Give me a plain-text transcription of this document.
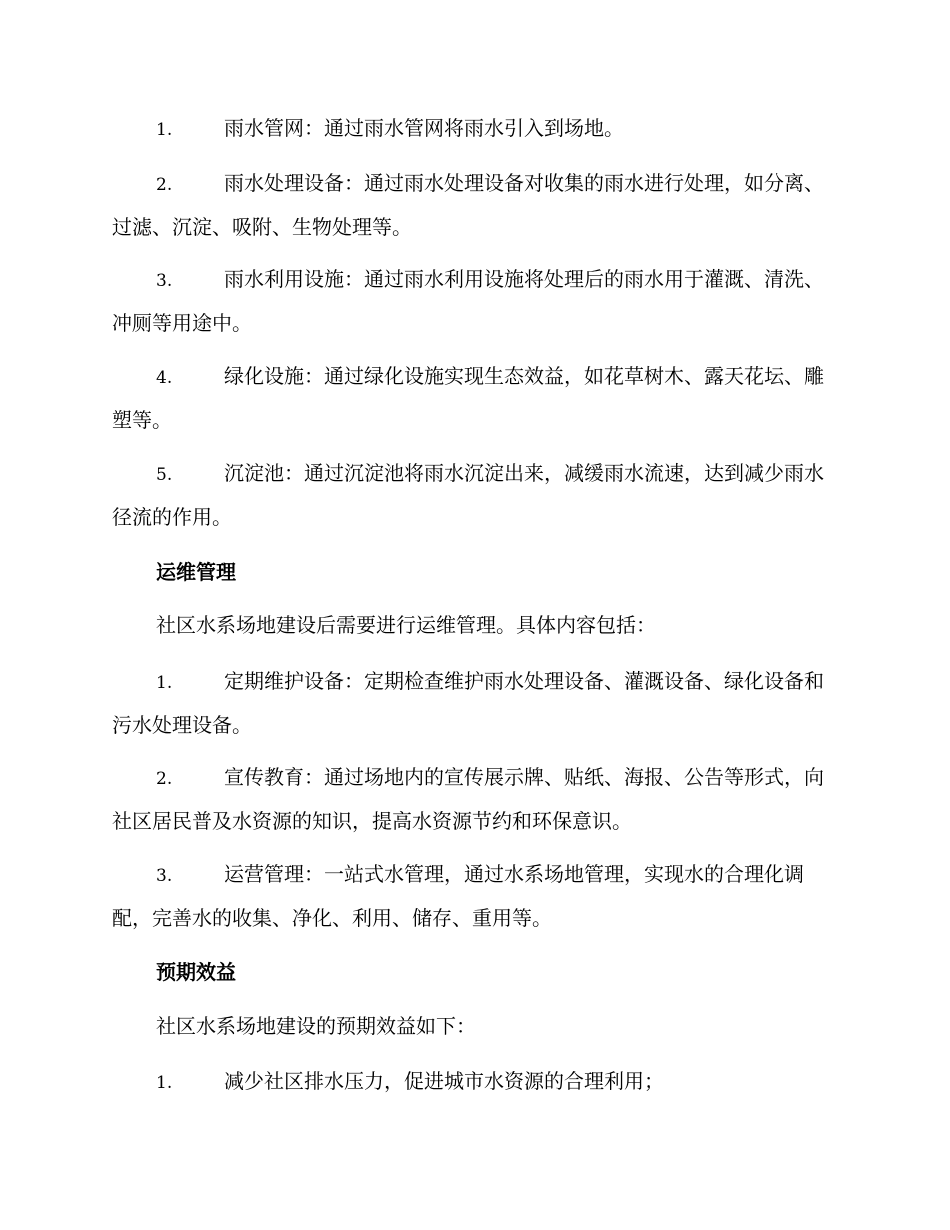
1.	雨水管网：通过雨水管网将雨水引入到场地。

2.	雨水处理设备：通过雨水处理设备对收集的雨水进行处理，如分离、过滤、沉淀、吸附、生物处理等。

3.	雨水利用设施：通过雨水利用设施将处理后的雨水用于灌溉、清洗、冲厕等用途中。

4.	绿化设施：通过绿化设施实现生态效益，如花草树木、露天花坛、雕塑等。

5.	沉淀池：通过沉淀池将雨水沉淀出来，减缓雨水流速，达到减少雨水径流的作用。

运维管理

社区水系场地建设后需要进行运维管理。具体内容包括：

1.	定期维护设备：定期检查维护雨水处理设备、灌溉设备、绿化设备和污水处理设备。

2.	宣传教育：通过场地内的宣传展示牌、贴纸、海报、公告等形式，向社区居民普及水资源的知识，提高水资源节约和环保意识。

3.	运营管理：一站式水管理，通过水系场地管理，实现水的合理化调配，完善水的收集、净化、利用、储存、重用等。

预期效益

社区水系场地建设的预期效益如下：

1.	减少社区排水压力，促进城市水资源的合理利用；
